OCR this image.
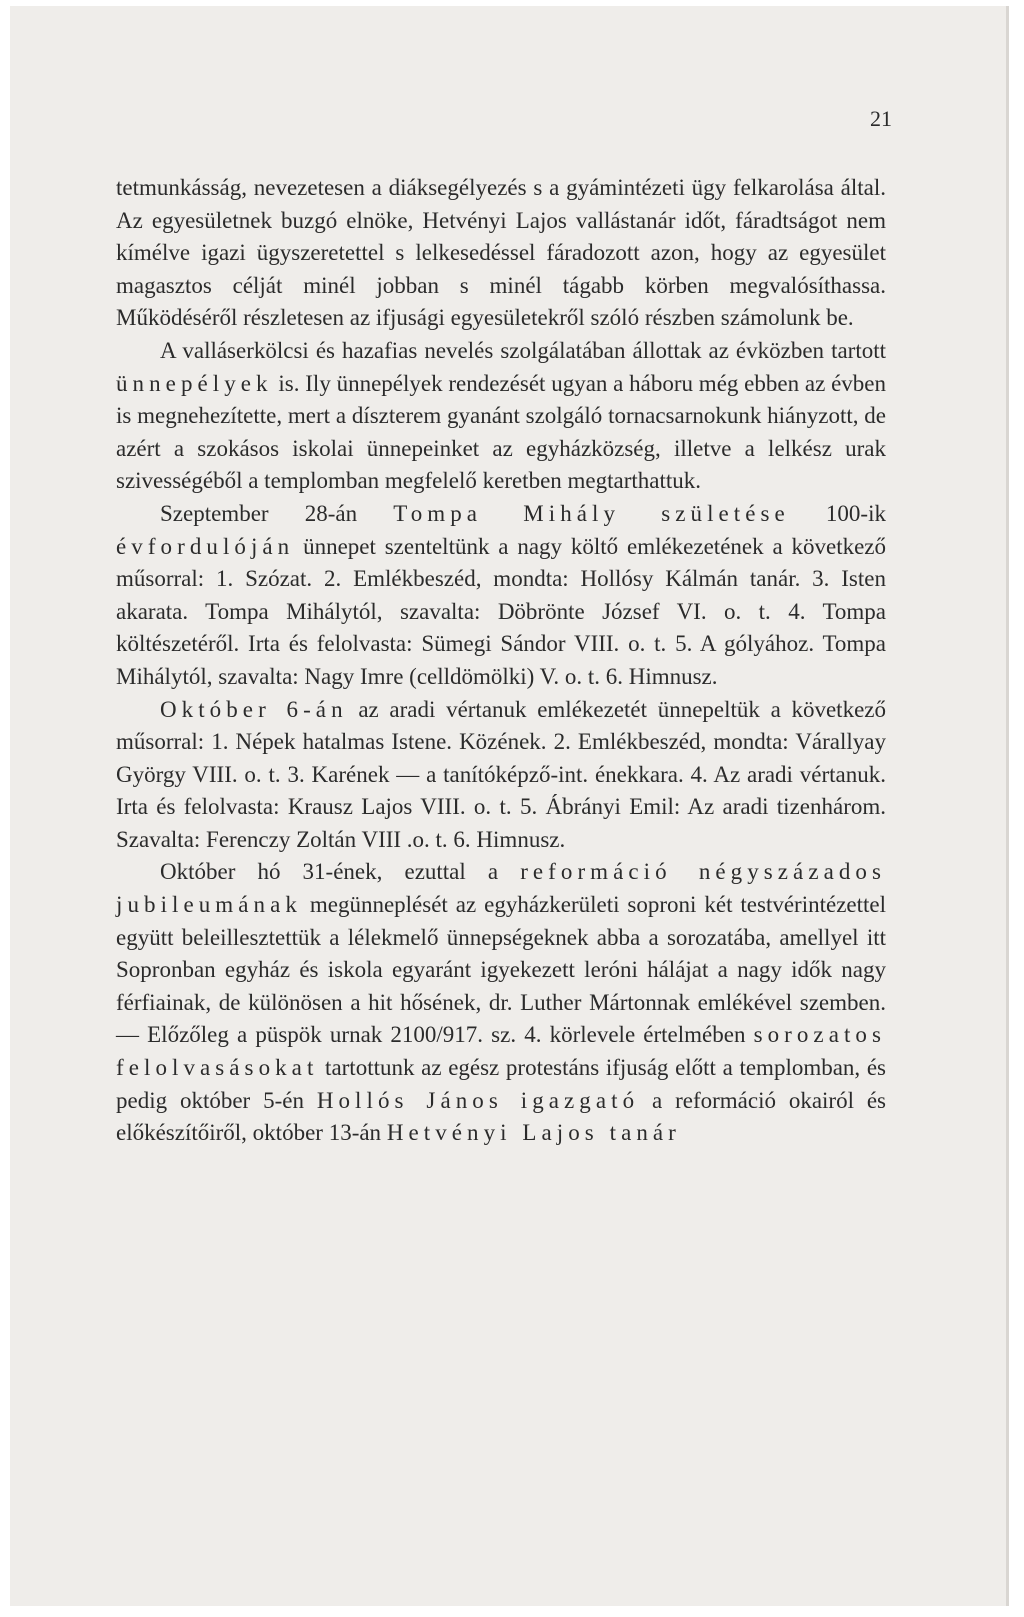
21

tetmunkásság, nevezetesen a diáksegélyezés s a gyámintézeti ügy felkarolása által. Az egyesületnek buzgó elnöke, Hetvényi Lajos vallástanár időt, fáradtságot nem kímélve igazi ügyszeretettel s lelkesedéssel fáradozott azon, hogy az egyesület magasztos célját minél jobban s minél tágabb körben megvalósíthassa. Működéséről részletesen az ifjusági egyesületekről szóló részben számolunk be.

A valláserkölcsi és hazafias nevelés szolgálatában állottak az évközben tartott ünnepélyek is. Ily ünnepélyek rendezését ugyan a háboru még ebben az évben is megnehezítette, mert a díszterem gyanánt szolgáló tornacsarnokunk hiányzott, de azért a szokásos iskolai ünnepeinket az egyházközség, illetve a lelkész urak szivességéből a templomban megfelelő keretben megtarthattuk.

Szeptember 28-án Tompa Mihály születése 100-ik évfordulóján ünnepet szenteltünk a nagy költő emlékezetének a következő műsorral: 1. Szózat. 2. Emlékbeszéd, mondta: Hollósy Kálmán tanár. 3. Isten akarata. Tompa Mihálytól, szavalta: Döbrönte József VI. o. t. 4. Tompa költészetéről. Irta és felolvasta: Sümegi Sándor VIII. o. t. 5. A gólyához. Tompa Mihálytól, szavalta: Nagy Imre (celldömölki) V. o. t. 6. Himnusz.

Október 6-án az aradi vértanuk emlékezetét ünnepeltük a következő műsorral: 1. Népek hatalmas Istene. Közének. 2. Emlékbeszéd, mondta: Várallyay György VIII. o. t. 3. Karének — a tanítóképző-int. énekkara. 4. Az aradi vértanuk. Irta és felolvasta: Krausz Lajos VIII. o. t. 5. Ábrányi Emil: Az aradi tizenhárom. Szavalta: Ferenczy Zoltán VIII .o. t. 6. Himnusz.

Október hó 31-ének, ezuttal a reformáció négyszázados jubileumának megünneplését az egyházkerületi soproni két testvérintézettel együtt beleillesztettük a lélekmelő ünnepségeknek abba a sorozatába, amellyel itt Sopronban egyház és iskola egyaránt igyekezett leróni hálájat a nagy idők nagy férfiainak, de különösen a hit hősének, dr. Luther Mártonnak emlékével szemben. — Előzőleg a püspök urnak 2100/917. sz. 4. körlevele értelmében sorozatos felolvasásokat tartottunk az egész protestáns ifjuság előtt a templomban, és pedig október 5-én Hollós János igazgató a reformáció okairól és előkészítőiről, október 13-án Hetvényi Lajos tanár
